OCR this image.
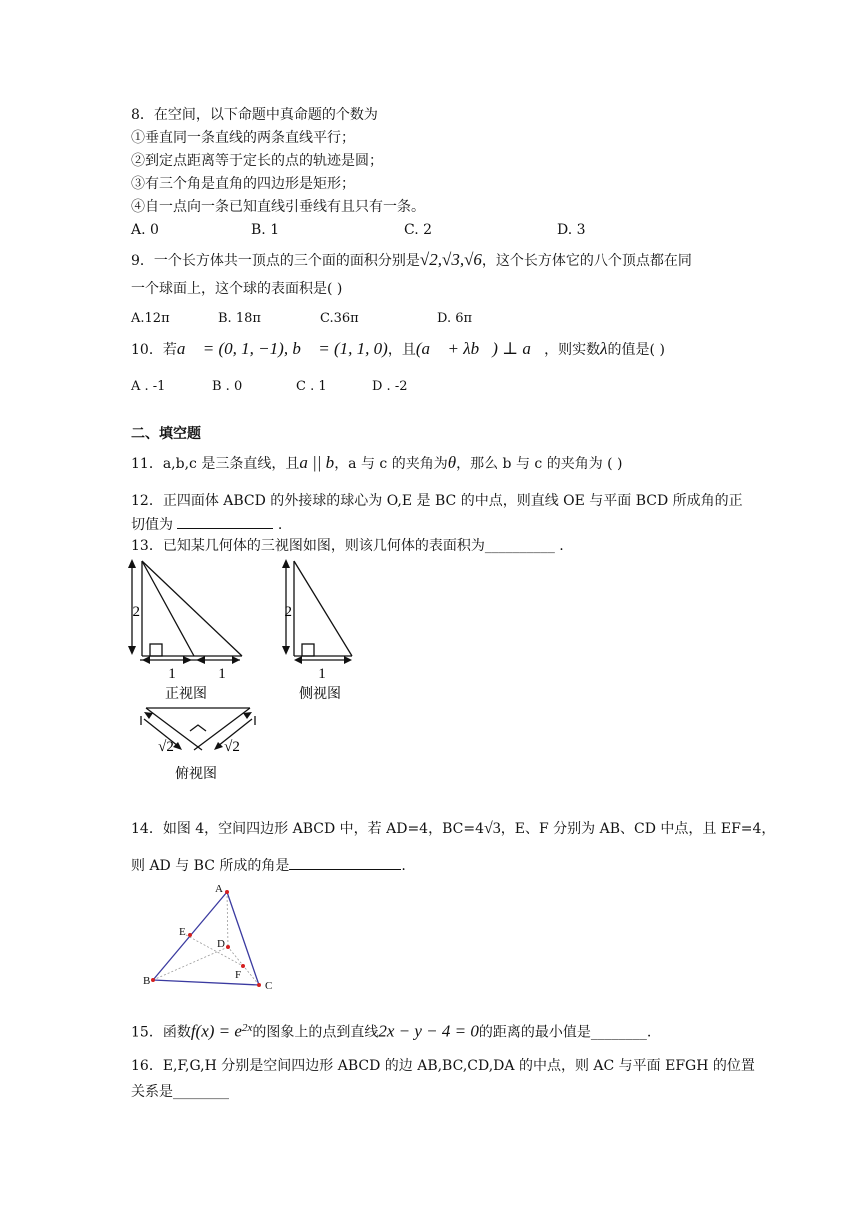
8．在空间，以下命题中真命题的个数为
①垂直同一条直线的两条直线平行；
②到定点距离等于定长的点的轨迹是圆；
③有三个角是直角的四边形是矩形；
④自一点向一条已知直线引垂线有且只有一条。
A. 0	B. 1	C. 2	D. 3
9．一个长方体共一顶点的三个面的面积分别是√2,√3,√6，这个长方体它的八个顶点都在同
一个球面上，这个球的表面积是( )
A.12π	B. 18π	C.36π	D. 6π
10．若a⃗ = (0, 1, −1), b⃗ = (1, 1, 0)，且(a⃗ + λb⃗) ⊥ a⃗，则实数λ的值是( )
A . -1	B . 0	C . 1	D . -2
二、填空题
11．a,b,c 是三条直线，且a || b，a 与 c 的夹角为θ，那么 b 与 c 的夹角为 ( )
12．正四面体 ABCD 的外接球的球心为 O,E 是 BC 的中点，则直线 OE 与平面 BCD 所成角的正
切值为	.
13．已知某几何体的三视图如图，则该几何体的表面积为__________ .
2
1	1
正视图
2
1
侧视图
√2	√2
俯视图
14．如图 4，空间四边形 ABCD 中，若 AD=4，BC=4√3，E、F 分别为 AB、CD 中点，且 EF=4，
则 AD 与 BC 所成的角是	.
A
B	C
D
E
F
15．函数$f(x) = e^{2x}$的图象上的点到直线2x − y − 4 = 0的距离的最小值是________.
16．E,F,G,H 分别是空间四边形 ABCD 的边 AB,BC,CD,DA 的中点，则 AC 与平面 EFGH 的位置
关系是________
